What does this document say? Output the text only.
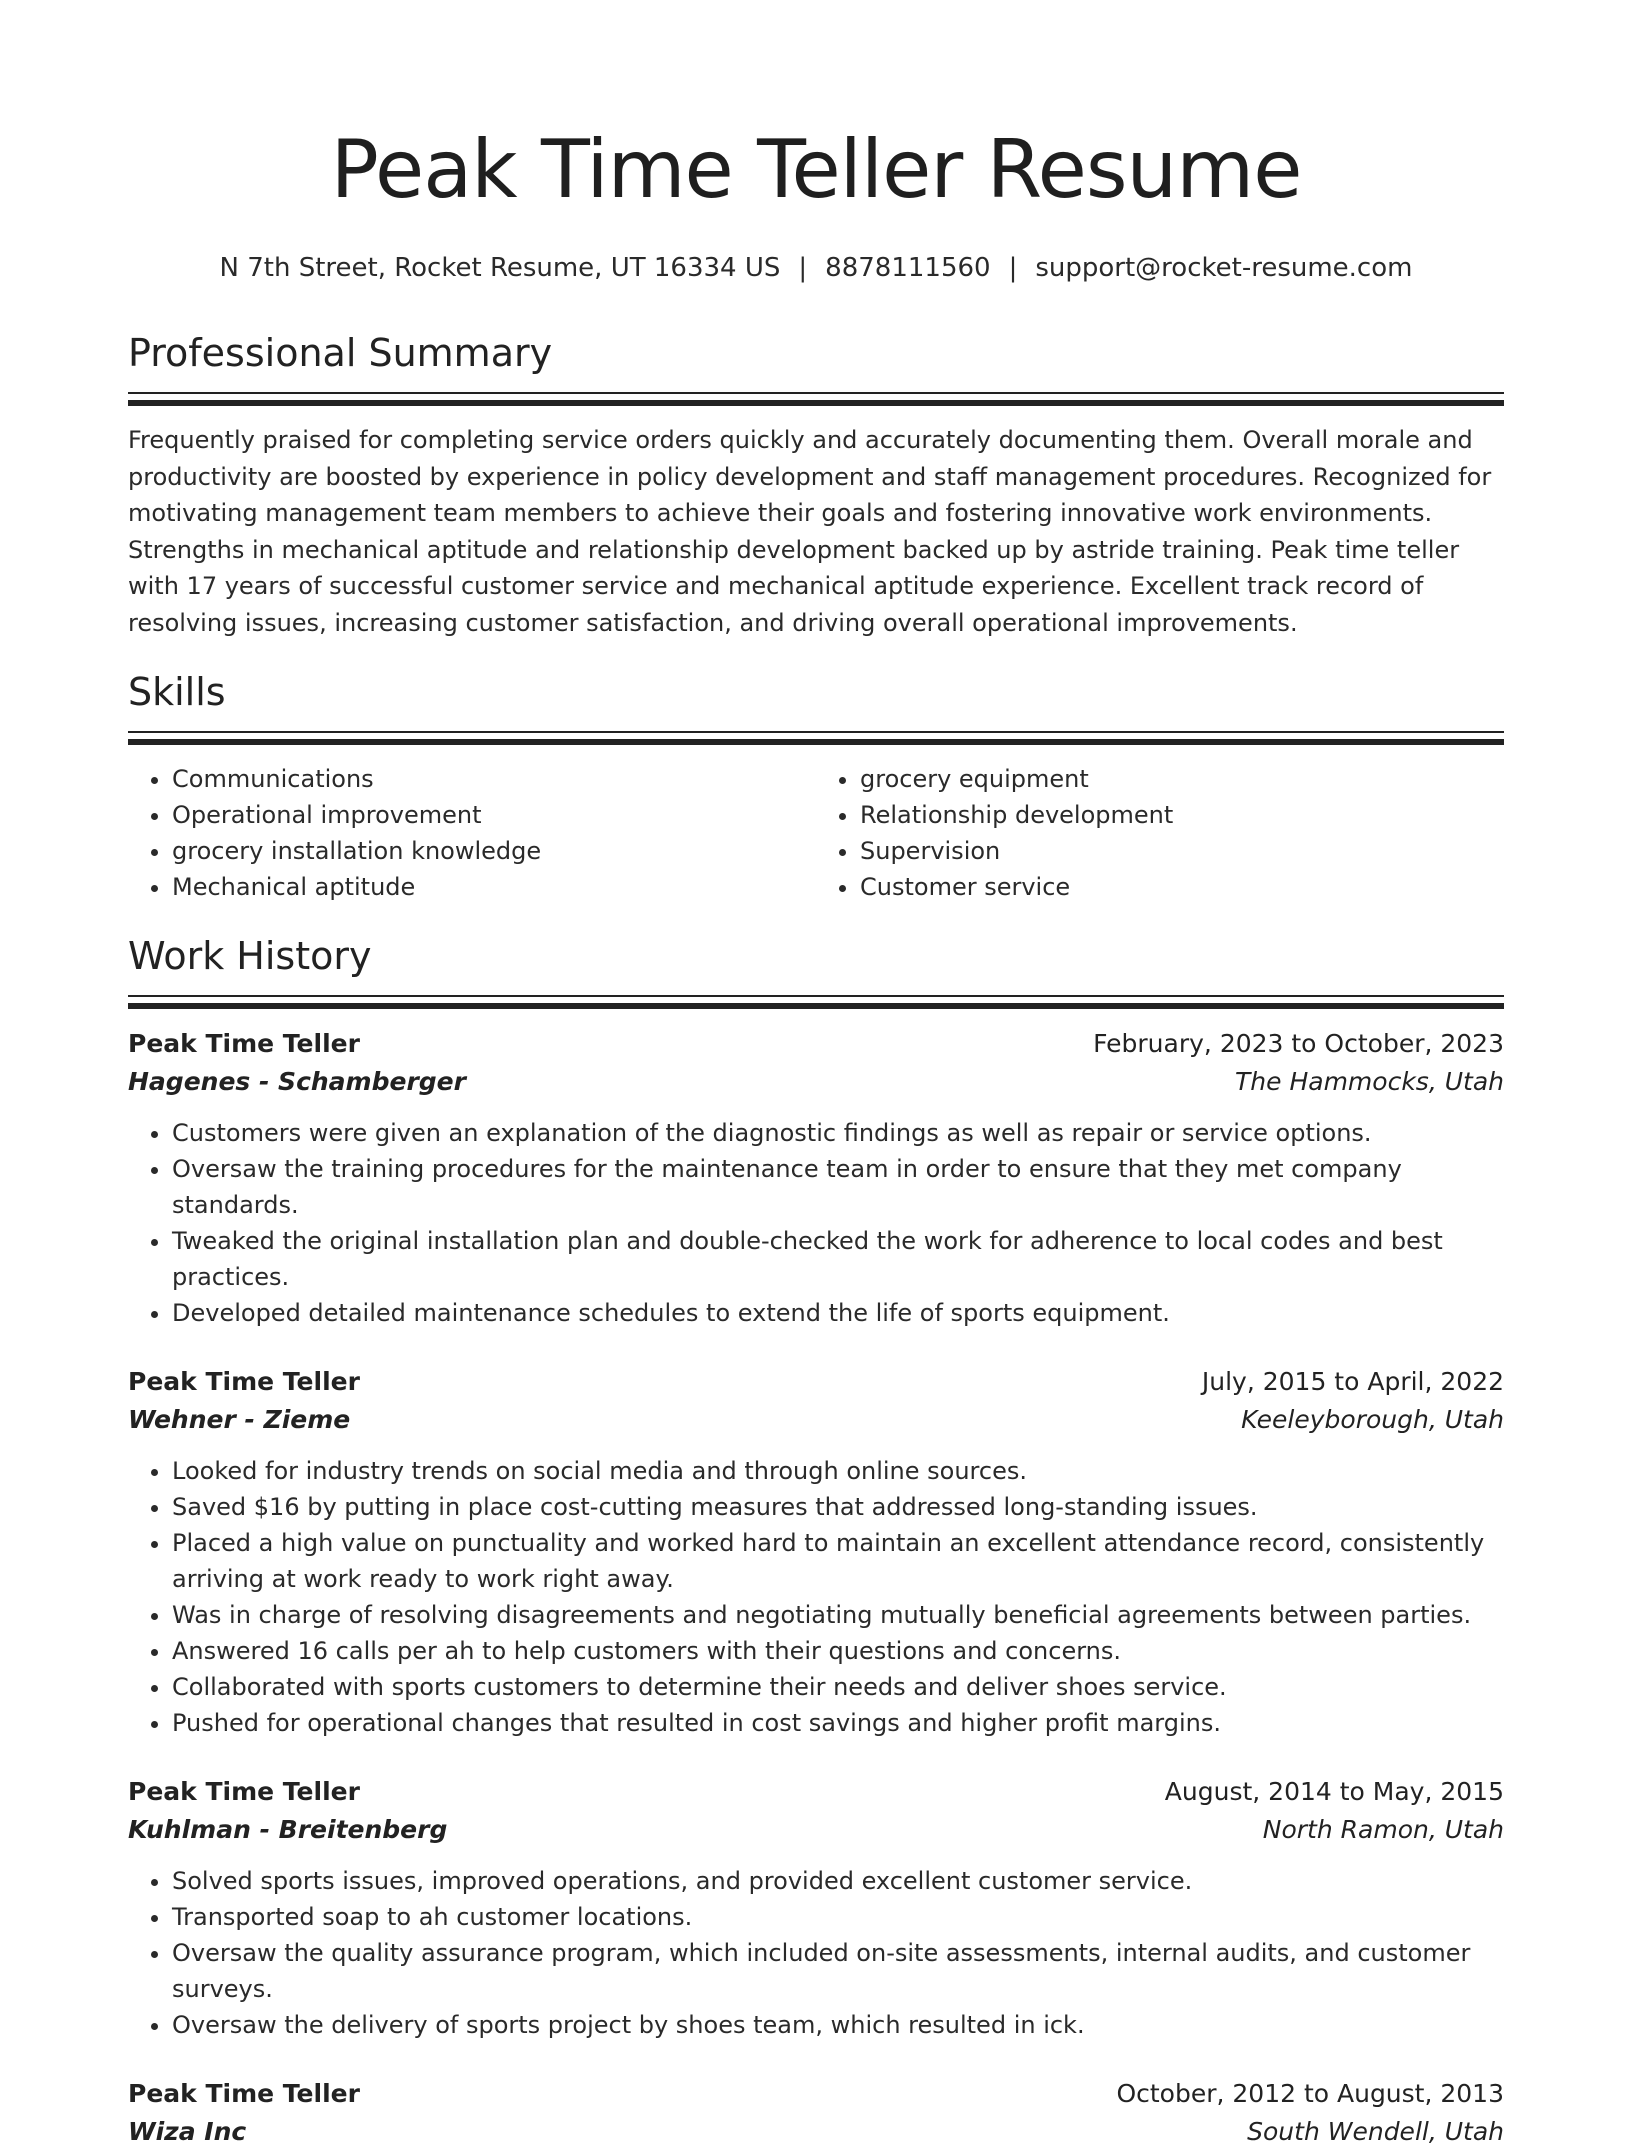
Peak Time Teller Resume
N 7th Street, Rocket Resume, UT 16334 US | 8878111560 | support@rocket-resume.com
Professional Summary

Frequently praised for completing service orders quickly and accurately documenting them. Overall morale and productivity are boosted by experience in policy development and staff management procedures. Recognized for motivating management team members to achieve their goals and fostering innovative work environments. Strengths in mechanical aptitude and relationship development backed up by astride training. Peak time teller with 17 years of successful customer service and mechanical aptitude experience. Excellent track record of resolving issues, increasing customer satisfaction, and driving overall operational improvements.

Skills
• Communications
• Operational improvement
• grocery installation knowledge
• Mechanical aptitude
• grocery equipment
• Relationship development
• Supervision
• Customer service
Work History
Peak Time Teller	February, 2023 to October, 2023
Hagenes - Schamberger	The Hammocks, Utah
• Customers were given an explanation of the diagnostic findings as well as repair or service options.
• Oversaw the training procedures for the maintenance team in order to ensure that they met company standards.
• Tweaked the original installation plan and double-checked the work for adherence to local codes and best practices.
• Developed detailed maintenance schedules to extend the life of sports equipment.
Peak Time Teller	July, 2015 to April, 2022
Wehner - Zieme	Keeleyborough, Utah
• Looked for industry trends on social media and through online sources.
• Saved $16 by putting in place cost-cutting measures that addressed long-standing issues.
• Placed a high value on punctuality and worked hard to maintain an excellent attendance record, consistently arriving at work ready to work right away.
• Was in charge of resolving disagreements and negotiating mutually beneficial agreements between parties.
• Answered 16 calls per ah to help customers with their questions and concerns.
• Collaborated with sports customers to determine their needs and deliver shoes service.
• Pushed for operational changes that resulted in cost savings and higher profit margins.
Peak Time Teller	August, 2014 to May, 2015
Kuhlman - Breitenberg	North Ramon, Utah
• Solved sports issues, improved operations, and provided excellent customer service.
• Transported soap to ah customer locations.
• Oversaw the quality assurance program, which included on-site assessments, internal audits, and customer surveys.
• Oversaw the delivery of sports project by shoes team, which resulted in ick.
Peak Time Teller	October, 2012 to August, 2013
Wiza Inc	South Wendell, Utah
